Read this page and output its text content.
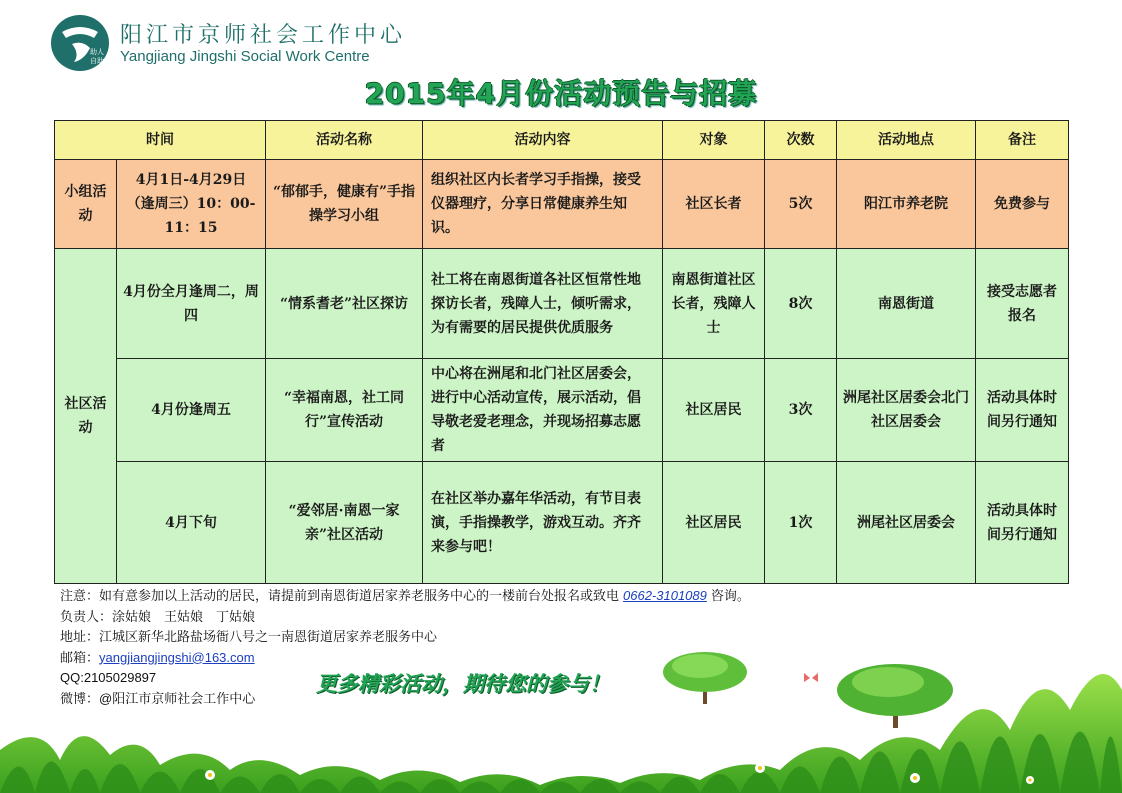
助人
自助
阳江市京师社会工作中心
Yangjiang Jingshi Social Work Centre
2015年4月份活动预告与招募
时间		活动名称	活动内容	对象	次数	活动地点	备注
小组活动	4月1日-4月29日（逢周三）10：00-11：15	“郁郁手，健康有”手指操学习小组	组织社区内长者学习手指操，接受仪器理疗，分享日常健康养生知识。	社区长者	5次	阳江市养老院	免费参与
社区活动	4月份全月逢周二，周四	“情系耆老”社区探访	社工将在南恩街道各社区恒常性地探访长者，残障人士，倾听需求，为有需要的居民提供优质服务	南恩街道社区长者，残障人士	8次	南恩街道	接受志愿者报名
	4月份逢周五	“幸福南恩，社工同行”宣传活动	中心将在洲尾和北门社区居委会，进行中心活动宣传，展示活动，倡导敬老爱老理念，并现场招募志愿者	社区居民	3次	洲尾社区居委会北门社区居委会	活动具体时间另行通知
	4月下旬	“爱邻居·南恩一家亲”社区活动	在社区举办嘉年华活动，有节目表演，手指操教学，游戏互动。齐齐来参与吧！	社区居民	1次	洲尾社区居委会	活动具体时间另行通知
注意：如有意参加以上活动的居民，请提前到南恩街道居家养老服务中心的一楼前台处报名或致电 0662-3101089 咨询。
负责人：涂姑娘　王姑娘　丁姑娘
地址：江城区新华北路盐场衙八号之一南恩街道居家养老服务中心
邮箱：yangjiangjingshi@163.com
QQ:2105029897
微博：@阳江市京师社会工作中心
更多精彩活动，期待您的参与！
